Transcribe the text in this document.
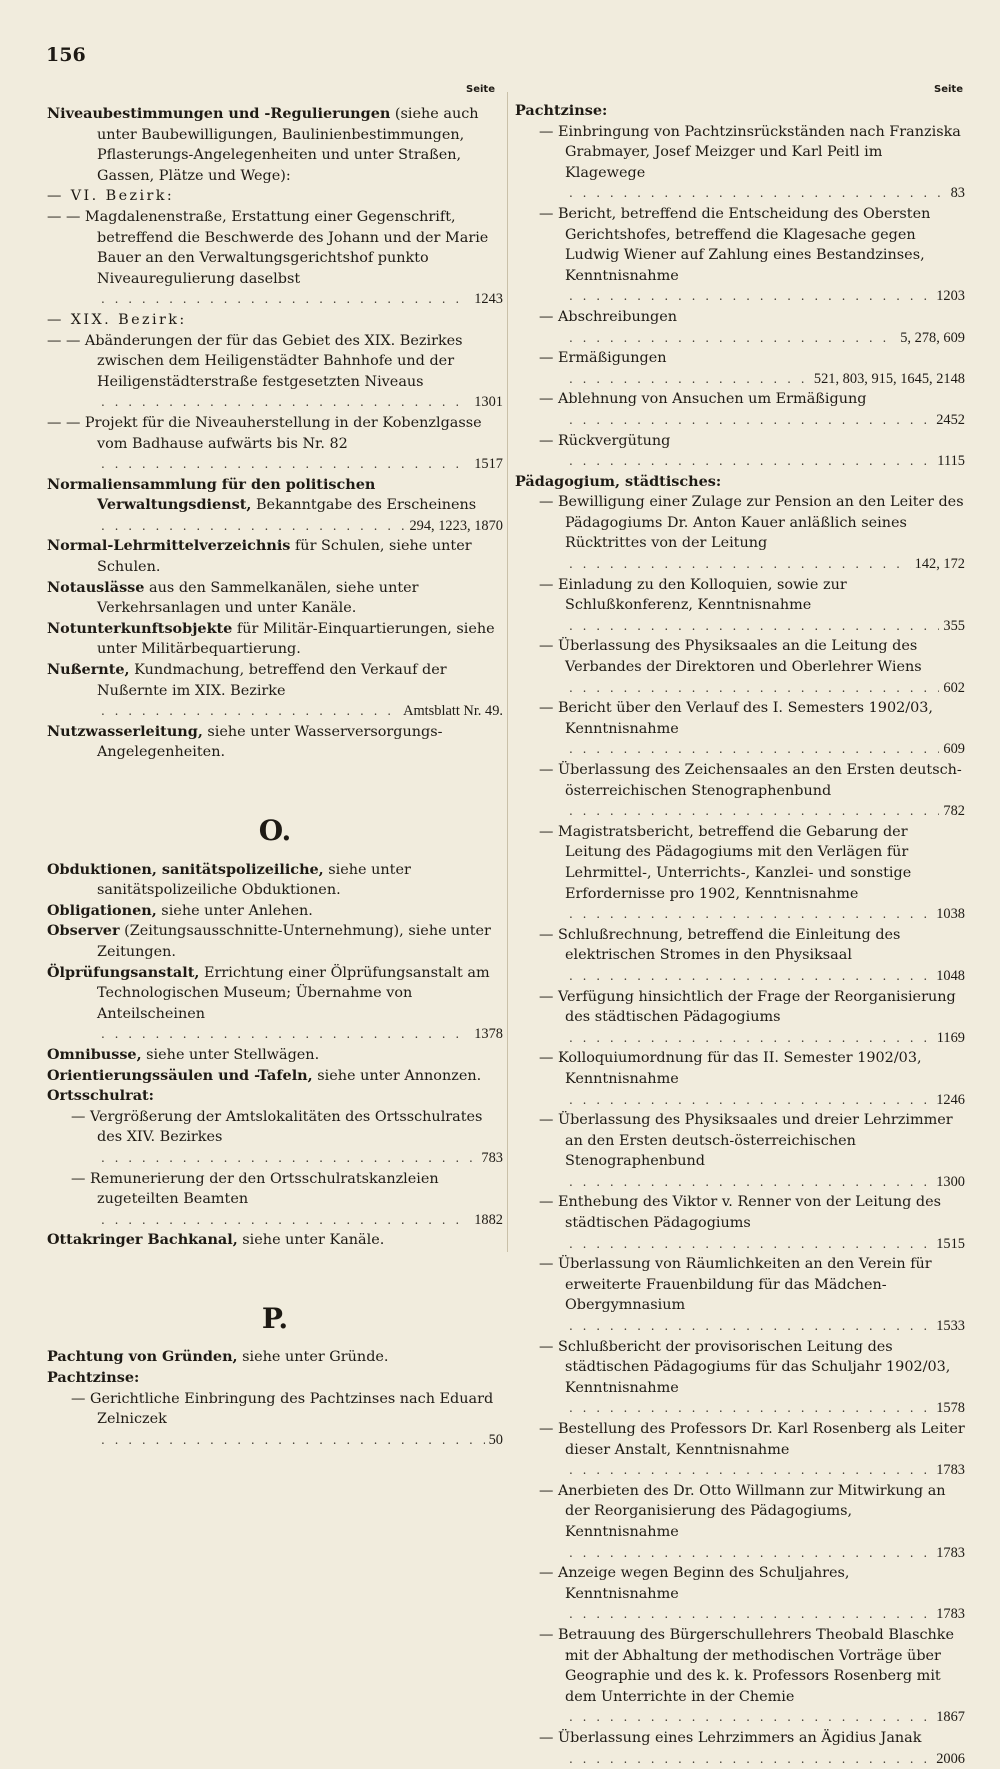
156
Seite	Seite
Niveaubestimmungen und -Regulierungen (siehe auch unter Baubewilligungen, Baulinienbestimmungen, Pflasterungs-Angelegenheiten und unter Straßen, Gassen, Plätze und Wege):
— VI. Bezirk:
— — Magdalenenstraße, Erstattung einer Gegenschrift, betreffend die Beschwerde des Johann und der Marie Bauer an den Verwaltungsgerichtshof punkto Niveauregulierung daselbst
. . .
1243
— XIX. Bezirk:
— — Abänderungen der für das Gebiet des XIX. Bezirkes zwischen dem Heiligenstädter Bahnhofe und der Heiligenstädterstraße festgesetzten Niveaus
. . .
1301
— — Projekt für die Niveauherstellung in der Kobenzlgasse vom Badhause aufwärts bis Nr. 82
. . .
1517
Normaliensammlung für den politischen Verwaltungsdienst, Bekanntgabe des Erscheinens
. . .
294, 1223, 1870
Normal-Lehrmittelverzeichnis für Schulen, siehe unter Schulen.
Notauslässe aus den Sammelkanälen, siehe unter Verkehrsanlagen und unter Kanäle.
Notunterkunftsobjekte für Militär-Einquartierungen, siehe unter Militärbequartierung.
Nußernte, Kundmachung, betreffend den Verkauf der Nußernte im XIX. Bezirke
. . .
Amtsblatt Nr. 49.
Nutzwasserleitung, siehe unter Wasserversorgungs-Angelegenheiten.
O.
Obduktionen, sanitätspolizeiliche, siehe unter sanitätspolizeiliche Obduktionen.
Obligationen, siehe unter Anlehen.
Observer (Zeitungsausschnitte-Unternehmung), siehe unter Zeitungen.
Ölprüfungsanstalt, Errichtung einer Ölprüfungsanstalt am Technologischen Museum; Übernahme von Anteilscheinen
. . .
1378
Omnibusse, siehe unter Stellwägen.
Orientierungssäulen und -Tafeln, siehe unter Annonzen.
Ortsschulrat:
— Vergrößerung der Amtslokalitäten des Ortsschulrates des XIV. Bezirkes
. . .
783
— Remunerierung der den Ortsschulratskanzleien zugeteilten Beamten
. . .
1882
Ottakringer Bachkanal, siehe unter Kanäle.
P.
Pachtung von Gründen, siehe unter Gründe.
Pachtzinse:
— Gerichtliche Einbringung des Pachtzinses nach Eduard Zelniczek
. . .
50
Pachtzinse:
— Einbringung von Pachtzinsrückständen nach Franziska Grabmayer, Josef Meizger und Karl Peitl im Klagewege
. . .
83
— Bericht, betreffend die Entscheidung des Obersten Gerichtshofes, betreffend die Klagesache gegen Ludwig Wiener auf Zahlung eines Bestandzinses, Kenntnisnahme
. . .
1203
— Abschreibungen
. . .
5, 278, 609
— Ermäßigungen
. . .
521, 803, 915, 1645, 2148
— Ablehnung von Ansuchen um Ermäßigung
. . .
2452
— Rückvergütung
. . .
1115
Pädagogium, städtisches:
— Bewilligung einer Zulage zur Pension an den Leiter des Pädagogiums Dr. Anton Kauer anläßlich seines Rücktrittes von der Leitung
. . .
142, 172
— Einladung zu den Kolloquien, sowie zur Schlußkonferenz, Kenntnisnahme
. . .
355
— Überlassung des Physiksaales an die Leitung des Verbandes der Direktoren und Oberlehrer Wiens
. . .
602
— Bericht über den Verlauf des I. Semesters 1902/03, Kenntnisnahme
. . .
609
— Überlassung des Zeichensaales an den Ersten deutsch-österreichischen Stenographenbund
. . .
782
— Magistratsbericht, betreffend die Gebarung der Leitung des Pädagogiums mit den Verlägen für Lehrmittel-, Unterrichts-, Kanzlei- und sonstige Erfordernisse pro 1902, Kenntnisnahme
. . .
1038
— Schlußrechnung, betreffend die Einleitung des elektrischen Stromes in den Physiksaal
. . .
1048
— Verfügung hinsichtlich der Frage der Reorganisierung des städtischen Pädagogiums
. . .
1169
— Kolloquiumordnung für das II. Semester 1902/03, Kenntnisnahme
. . .
1246
— Überlassung des Physiksaales und dreier Lehrzimmer an den Ersten deutsch-österreichischen Stenographenbund
. . .
1300
— Enthebung des Viktor v. Renner von der Leitung des städtischen Pädagogiums
. . .
1515
— Überlassung von Räumlichkeiten an den Verein für erweiterte Frauenbildung für das Mädchen-Obergymnasium
. . .
1533
— Schlußbericht der provisorischen Leitung des städtischen Pädagogiums für das Schuljahr 1902/03, Kenntnisnahme
. . .
1578
— Bestellung des Professors Dr. Karl Rosenberg als Leiter dieser Anstalt, Kenntnisnahme
. . .
1783
— Anerbieten des Dr. Otto Willmann zur Mitwirkung an der Reorganisierung des Pädagogiums, Kenntnisnahme
. . .
1783
— Anzeige wegen Beginn des Schuljahres, Kenntnisnahme
. . .
1783
— Betrauung des Bürgerschullehrers Theobald Blaschke mit der Abhaltung der methodischen Vorträge über Geographie und des k. k. Professors Rosenberg mit dem Unterrichte in der Chemie
. . .
1867
— Überlassung eines Lehrzimmers an Ägidius Janak
. . .
2006
